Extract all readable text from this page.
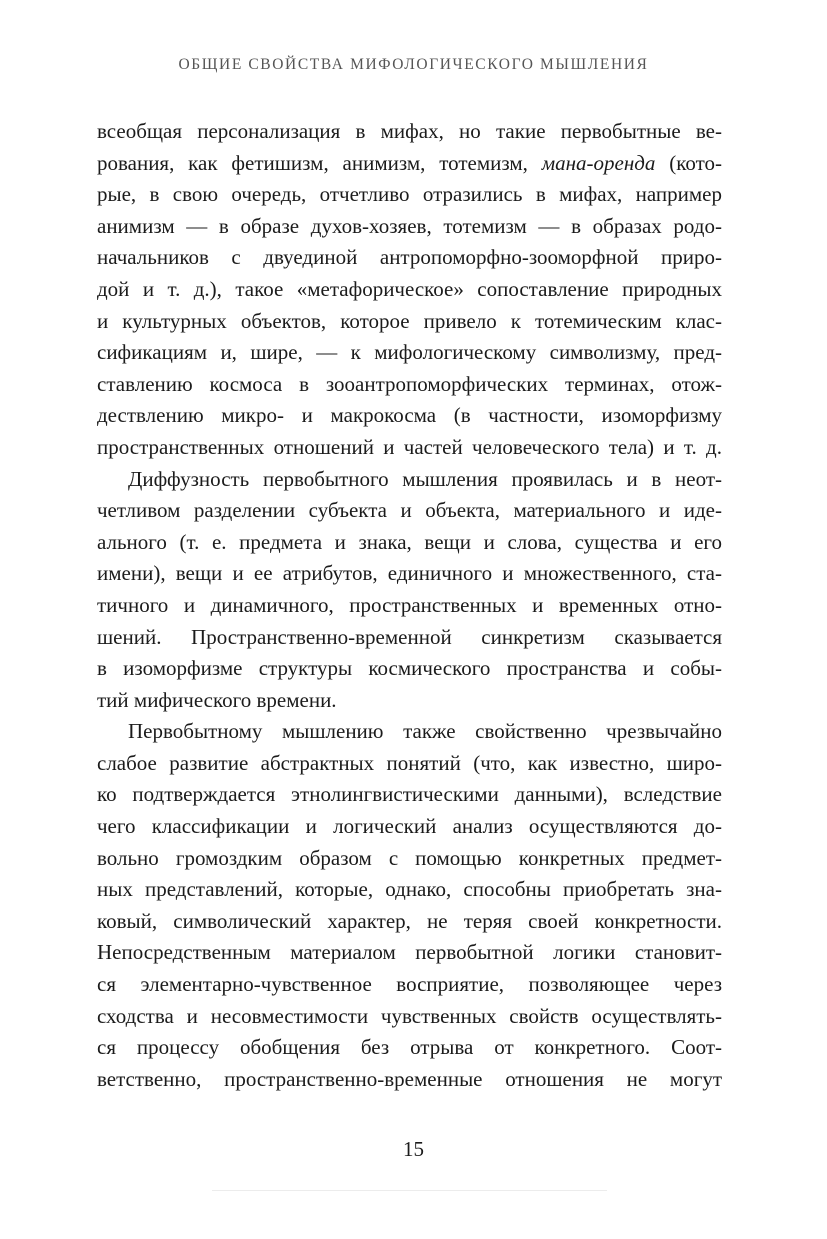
ОБЩИЕ СВОЙСТВА МИФОЛОГИЧЕСКОГО МЫШЛЕНИЯ
всеобщая персонализация в мифах, но такие первобытные ве-
рования, как фетишизм, анимизм, тотемизм, мана-оренда (кото-
рые, в свою очередь, отчетливо отразились в мифах, например
анимизм — в образе духов-хозяев, тотемизм — в образах родо-
начальников с двуединой антропоморфно-зооморфной приро-
дой и т. д.), такое «метафорическое» сопоставление природных
и культурных объектов, которое привело к тотемическим клас-
сификациям и, шире, — к мифологическому символизму, пред-
ставлению космоса в зооантропоморфических терминах, отож-
дествлению микро- и макрокосма (в частности, изоморфизму
пространственных отношений и частей человеческого тела) и т. д.
Диффузность первобытного мышления проявилась и в неот-
четливом разделении субъекта и объекта, материального и иде-
ального (т. е. предмета и знака, вещи и слова, существа и его
имени), вещи и ее атрибутов, единичного и множественного, ста-
тичного и динамичного, пространственных и временных отно-
шений. Пространственно-временной синкретизм сказывается
в изоморфизме структуры космического пространства и собы-
тий мифического времени.
Первобытному мышлению также свойственно чрезвычайно
слабое развитие абстрактных понятий (что, как известно, широ-
ко подтверждается этнолингвистическими данными), вследствие
чего классификации и логический анализ осуществляются до-
вольно громоздким образом с помощью конкретных предмет-
ных представлений, которые, однако, способны приобретать зна-
ковый, символический характер, не теряя своей конкретности.
Непосредственным материалом первобытной логики становит-
ся элементарно-чувственное восприятие, позволяющее через
сходства и несовместимости чувственных свойств осуществлять-
ся процессу обобщения без отрыва от конкретного. Соот-
ветственно, пространственно-временные отношения не могут
15
